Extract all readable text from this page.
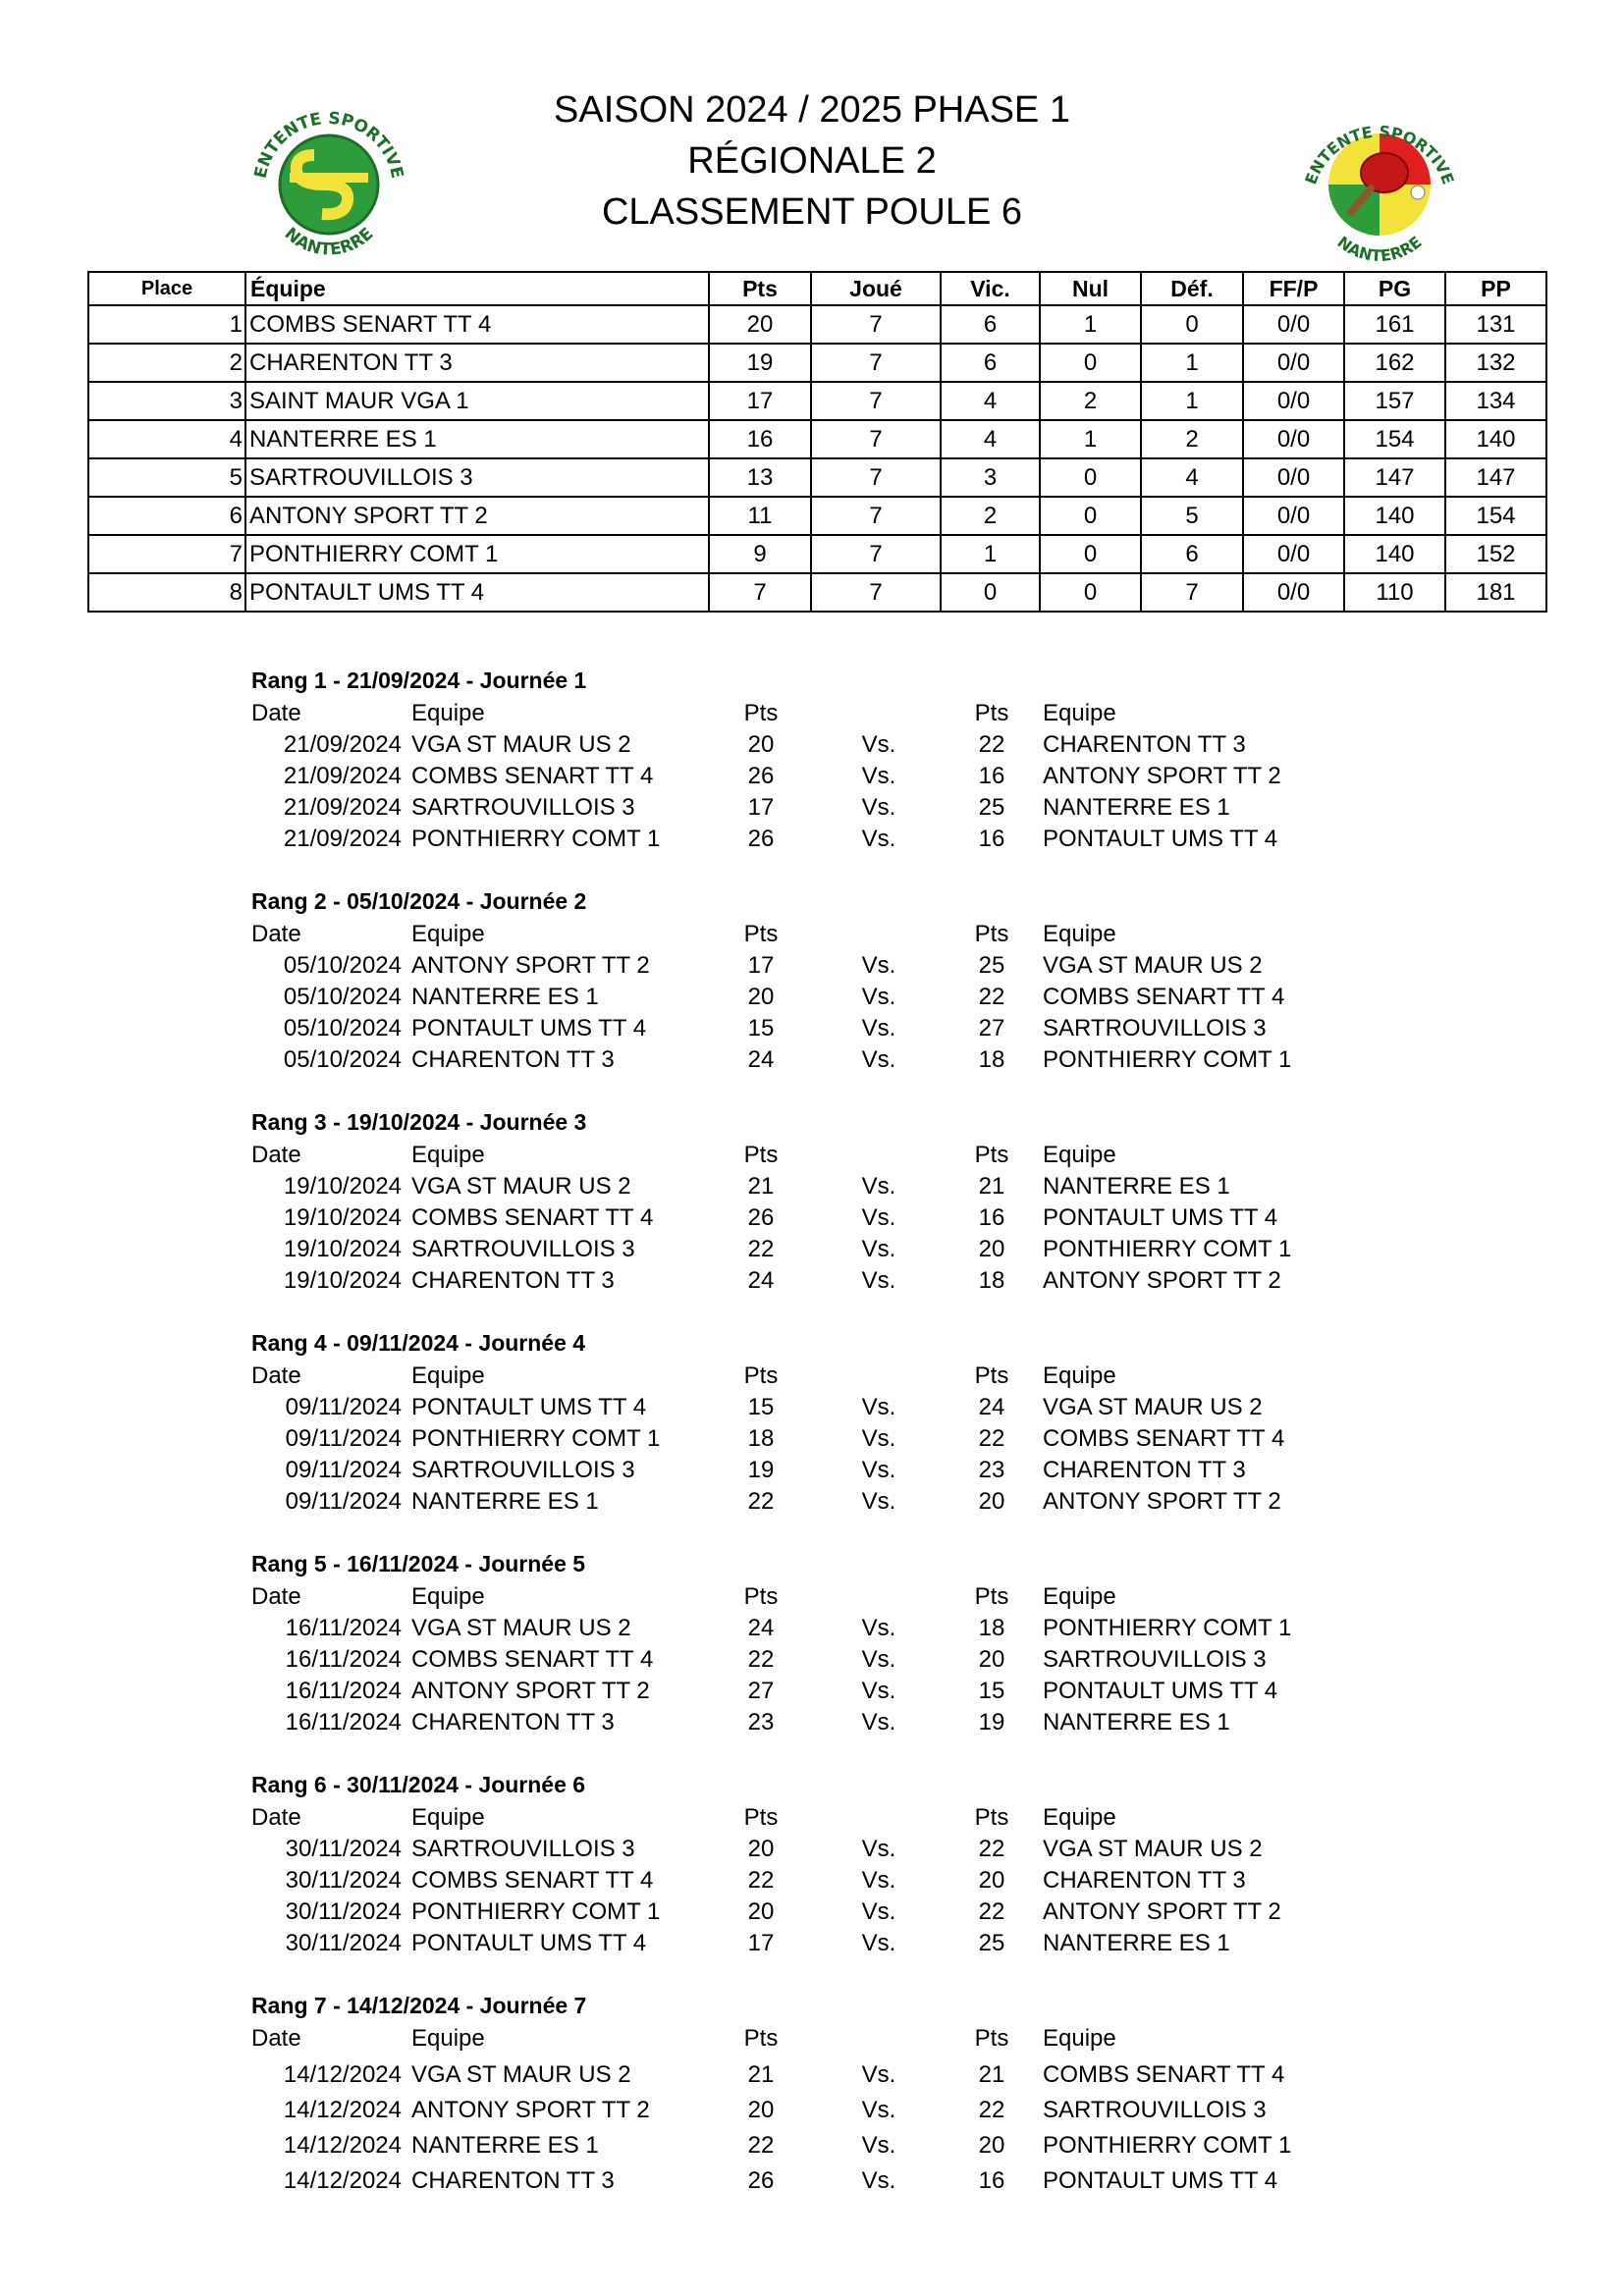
ENTENTE SPORTIVE
NANTERRE
ENTENTE SPORTIVE
NANTERRE
SAISON 2024 / 2025 PHASE 1
RÉGIONALE 2
CLASSEMENT POULE 6
Place	Équipe	Pts	Joué	Vic.	Nul	Déf.	FF/P	PG	PP
1	COMBS SENART TT 4	20	7	6	1	0	0/0	161	131
2	CHARENTON TT 3	19	7	6	0	1	0/0	162	132
3	SAINT MAUR VGA 1	17	7	4	2	1	0/0	157	134
4	NANTERRE ES 1	16	7	4	1	2	0/0	154	140
5	SARTROUVILLOIS 3	13	7	3	0	4	0/0	147	147
6	ANTONY SPORT TT 2	11	7	2	0	5	0/0	140	154
7	PONTHIERRY COMT 1	9	7	1	0	6	0/0	140	152
8	PONTAULT UMS TT 4	7	7	0	0	7	0/0	110	181
Rang 1 - 21/09/2024 - Journée 1
Date	Equipe	Pts	Pts	Equipe
21/09/2024 VGA ST MAUR US 2	20	Vs.	22	CHARENTON TT 3
21/09/2024 COMBS SENART TT 4	26	Vs.	16	ANTONY SPORT TT 2
21/09/2024 SARTROUVILLOIS 3	17	Vs.	25	NANTERRE ES 1
21/09/2024 PONTHIERRY COMT 1	26	Vs.	16	PONTAULT UMS TT 4
Rang 2 - 05/10/2024 - Journée 2
Date	Equipe	Pts	Pts	Equipe
05/10/2024 ANTONY SPORT TT 2	17	Vs.	25	VGA ST MAUR US 2
05/10/2024 NANTERRE ES 1	20	Vs.	22	COMBS SENART TT 4
05/10/2024 PONTAULT UMS TT 4	15	Vs.	27	SARTROUVILLOIS 3
05/10/2024 CHARENTON TT 3	24	Vs.	18	PONTHIERRY COMT 1
Rang 3 - 19/10/2024 - Journée 3
Date	Equipe	Pts	Pts	Equipe
19/10/2024 VGA ST MAUR US 2	21	Vs.	21	NANTERRE ES 1
19/10/2024 COMBS SENART TT 4	26	Vs.	16	PONTAULT UMS TT 4
19/10/2024 SARTROUVILLOIS 3	22	Vs.	20	PONTHIERRY COMT 1
19/10/2024 CHARENTON TT 3	24	Vs.	18	ANTONY SPORT TT 2
Rang 4 - 09/11/2024 - Journée 4
Date	Equipe	Pts	Pts	Equipe
09/11/2024 PONTAULT UMS TT 4	15	Vs.	24	VGA ST MAUR US 2
09/11/2024 PONTHIERRY COMT 1	18	Vs.	22	COMBS SENART TT 4
09/11/2024 SARTROUVILLOIS 3	19	Vs.	23	CHARENTON TT 3
09/11/2024 NANTERRE ES 1	22	Vs.	20	ANTONY SPORT TT 2
Rang 5 - 16/11/2024 - Journée 5
Date	Equipe	Pts	Pts	Equipe
16/11/2024 VGA ST MAUR US 2	24	Vs.	18	PONTHIERRY COMT 1
16/11/2024 COMBS SENART TT 4	22	Vs.	20	SARTROUVILLOIS 3
16/11/2024 ANTONY SPORT TT 2	27	Vs.	15	PONTAULT UMS TT 4
16/11/2024 CHARENTON TT 3	23	Vs.	19	NANTERRE ES 1
Rang 6 - 30/11/2024 - Journée 6
Date	Equipe	Pts	Pts	Equipe
30/11/2024 SARTROUVILLOIS 3	20	Vs.	22	VGA ST MAUR US 2
30/11/2024 COMBS SENART TT 4	22	Vs.	20	CHARENTON TT 3
30/11/2024 PONTHIERRY COMT 1	20	Vs.	22	ANTONY SPORT TT 2
30/11/2024 PONTAULT UMS TT 4	17	Vs.	25	NANTERRE ES 1
Rang 7 - 14/12/2024 - Journée 7
Date	Equipe	Pts	Pts	Equipe
14/12/2024 VGA ST MAUR US 2	21	Vs.	21	COMBS SENART TT 4
14/12/2024 ANTONY SPORT TT 2	20	Vs.	22	SARTROUVILLOIS 3
14/12/2024 NANTERRE ES 1	22	Vs.	20	PONTHIERRY COMT 1
14/12/2024 CHARENTON TT 3	26	Vs.	16	PONTAULT UMS TT 4
